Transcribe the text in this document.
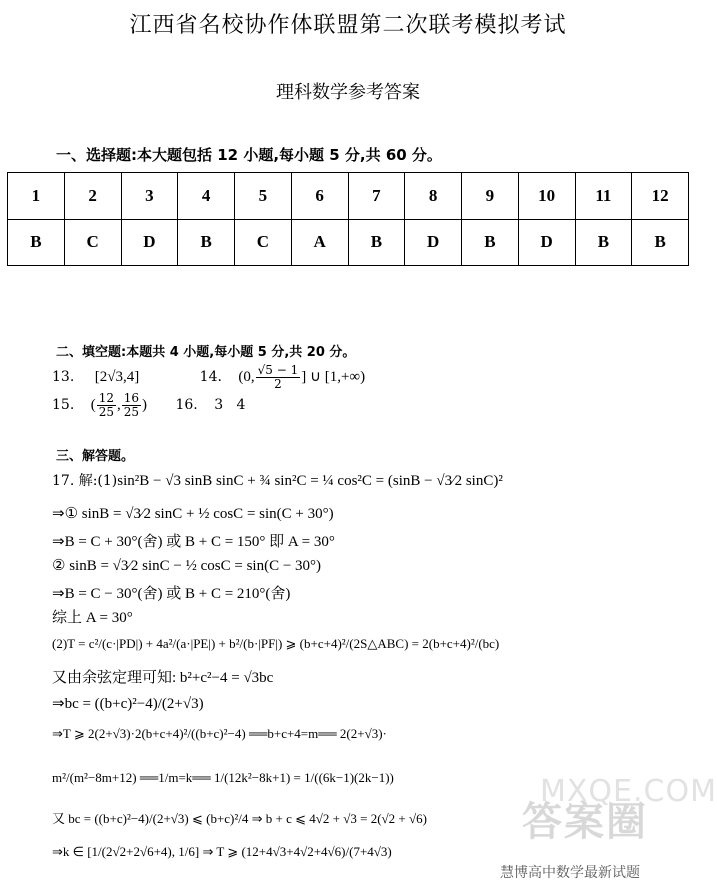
江西省名校协作体联盟第二次联考模拟考试
理科数学参考答案
一、选择题:本大题包括 12 小题,每小题 5 分,共 60 分。
1	2	3	4	5	6	7	8	9	10	11	12
B	C	D	B	C	A	B	D	B	D	B	B
二、填空题:本题共 4 小题,每小题 5 分,共 20 分。
13. [2√3,4]	14. (0, $\frac{√5 - 1}{2}$ ] ∪ [1,+∞)
15. ( $\frac{12}{25}$ , $\frac{16}{25}$ ) 16. 3   4
三、解答题。
17. 解:(1)sin²B − √3 sinB sinC + ¾ sin²C = ¼ cos²C = (sinB − √3⁄2 sinC)²
⇒① sinB = √3⁄2 sinC + ½ cosC = sin(C + 30°)
⇒B = C + 30°(舍) 或 B + C = 150° 即 A = 30°
② sinB = √3⁄2 sinC − ½ cosC = sin(C − 30°)
⇒B = C − 30°(舍) 或 B + C = 210°(舍)
综上 A = 30°
(2)T = c²/(c·|PD|) + 4a²/(a·|PE|) + b²/(b·|PF|) ⩾ (b+c+4)²/(2S△ABC) = 2(b+c+4)²/(bc)
又由余弦定理可知: b²+c²−4 = √3bc
⇒bc = ((b+c)²−4)/(2+√3)
⇒T ⩾ 2(2+√3)·2(b+c+4)²/((b+c)²−4) ══b+c+4=m══ 2(2+√3)·
m²/(m²−8m+12) ══1/m=k══ 1/(12k²−8k+1) = 1/((6k−1)(2k−1))
又 bc = ((b+c)²−4)/(2+√3) ⩽ (b+c)²/4 ⇒ b + c ⩽ 4√2 + √3 = 2(√2 + √6)
⇒k ∈ [1/(2√2+2√6+4), 1/6] ⇒ T ⩾ (12+4√3+4√2+4√6)/(7+4√3)
MXQE.COM
答案圈
慧博高中数学最新试题
